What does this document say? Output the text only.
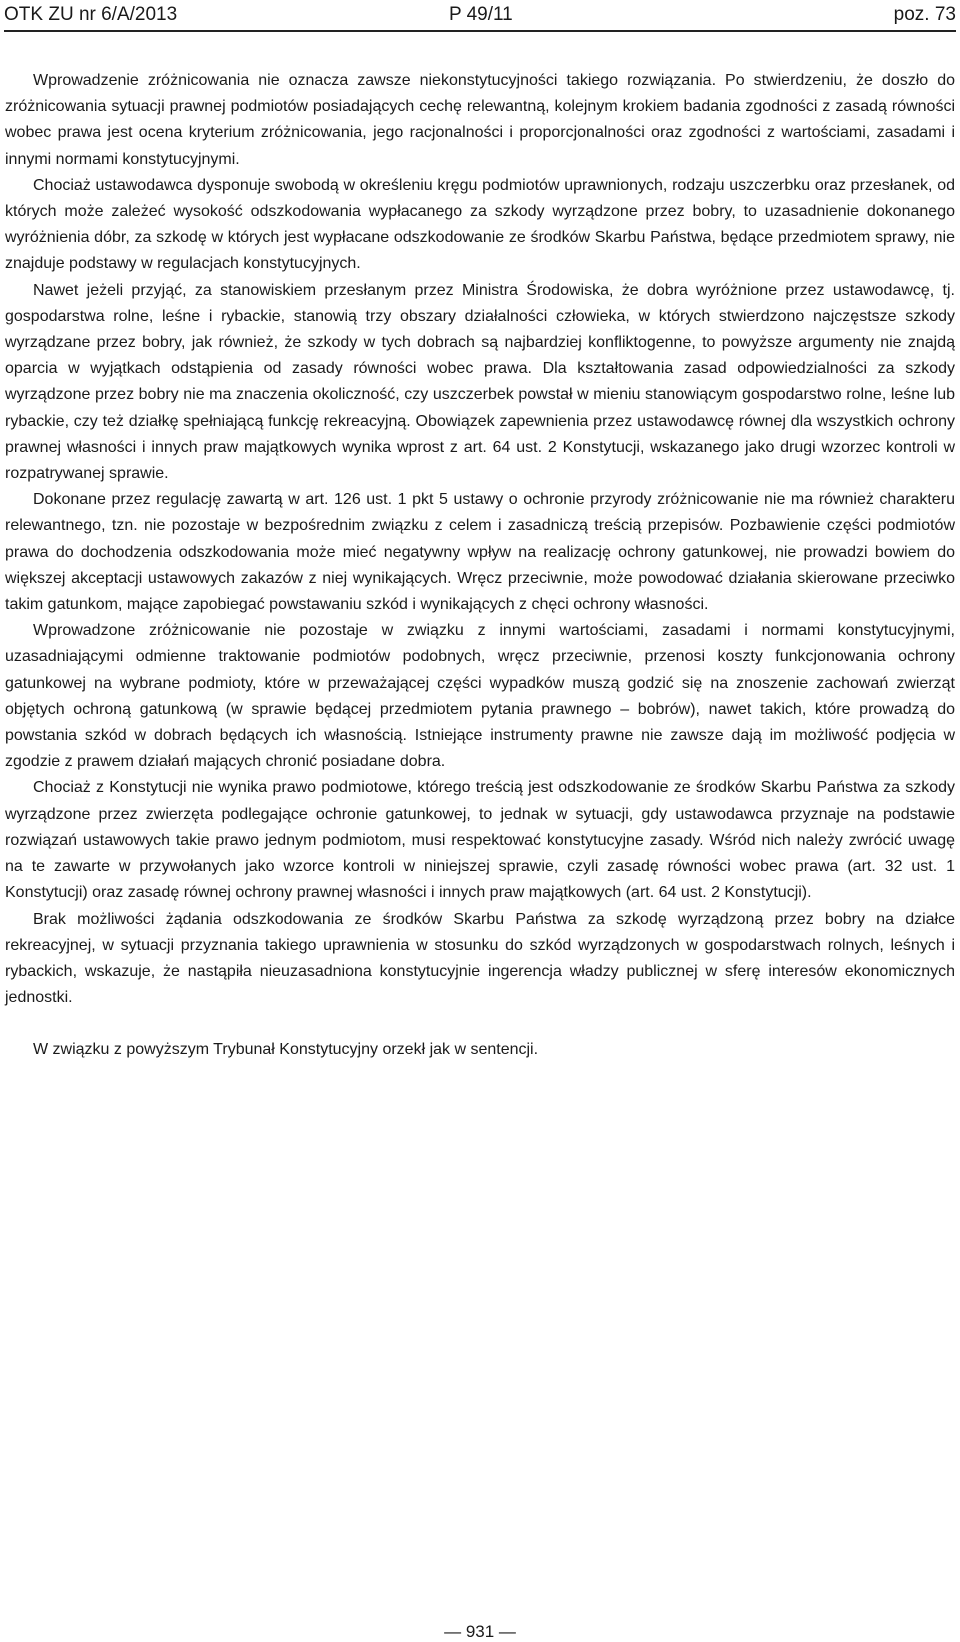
OTK ZU nr 6/A/2013	P 49/11	poz. 73

Wprowadzenie zróżnicowania nie oznacza zawsze niekonstytucyjności takiego rozwiązania. Po stwierdzeniu, że doszło do zróżnicowania sytuacji prawnej podmiotów posiadających cechę relewantną, kolejnym krokiem badania zgodności z zasadą równości wobec prawa jest ocena kryterium zróżnicowania, jego racjonalności i proporcjonalności oraz zgodności z wartościami, zasadami i innymi normami konstytucyjnymi.

Chociaż ustawodawca dysponuje swobodą w określeniu kręgu podmiotów uprawnionych, rodzaju uszczerbku oraz przesłanek, od których może zależeć wysokość odszkodowania wypłacanego za szkody wyrządzone przez bobry, to uzasadnienie dokonanego wyróżnienia dóbr, za szkodę w których jest wypłacane odszkodowanie ze środków Skarbu Państwa, będące przedmiotem sprawy, nie znajduje podstawy w regulacjach konstytucyjnych.

Nawet jeżeli przyjąć, za stanowiskiem przesłanym przez Ministra Środowiska, że dobra wyróżnione przez ustawodawcę, tj. gospodarstwa rolne, leśne i rybackie, stanowią trzy obszary działalności człowieka, w których stwierdzono najczęstsze szkody wyrządzane przez bobry, jak również, że szkody w tych dobrach są najbardziej konfliktogenne, to powyższe argumenty nie znajdą oparcia w wyjątkach odstąpienia od zasady równości wobec prawa. Dla kształtowania zasad odpowiedzialności za szkody wyrządzone przez bobry nie ma znaczenia okoliczność, czy uszczerbek powstał w mieniu stanowiącym gospodarstwo rolne, leśne lub rybackie, czy też działkę spełniającą funkcję rekreacyjną. Obowiązek zapewnienia przez ustawodawcę równej dla wszystkich ochrony prawnej własności i innych praw majątkowych wynika wprost z art. 64 ust. 2 Konstytucji, wskazanego jako drugi wzorzec kontroli w rozpatrywanej sprawie.

Dokonane przez regulację zawartą w art. 126 ust. 1 pkt 5 ustawy o ochronie przyrody zróżnicowanie nie ma również charakteru relewantnego, tzn. nie pozostaje w bezpośrednim związku z celem i zasadniczą treścią przepisów. Pozbawienie części podmiotów prawa do dochodzenia odszkodowania może mieć negatywny wpływ na realizację ochrony gatunkowej, nie prowadzi bowiem do większej akceptacji ustawowych zakazów z niej wynikających. Wręcz przeciwnie, może powodować działania skierowane przeciwko takim gatunkom, mające zapobiegać powstawaniu szkód i wynikających z chęci ochrony własności.

Wprowadzone zróżnicowanie nie pozostaje w związku z innymi wartościami, zasadami i normami konstytucyjnymi, uzasadniającymi odmienne traktowanie podmiotów podobnych, wręcz przeciwnie, przenosi koszty funkcjonowania ochrony gatunkowej na wybrane podmioty, które w przeważającej części wypadków muszą godzić się na znoszenie zachowań zwierząt objętych ochroną gatunkową (w sprawie będącej przedmiotem pytania prawnego – bobrów), nawet takich, które prowadzą do powstania szkód w dobrach będących ich własnością. Istniejące instrumenty prawne nie zawsze dają im możliwość podjęcia w zgodzie z prawem działań mających chronić posiadane dobra.

Chociaż z Konstytucji nie wynika prawo podmiotowe, którego treścią jest odszkodowanie ze środków Skarbu Państwa za szkody wyrządzone przez zwierzęta podlegające ochronie gatunkowej, to jednak w sytuacji, gdy ustawodawca przyznaje na podstawie rozwiązań ustawowych takie prawo jednym podmiotom, musi respektować konstytucyjne zasady. Wśród nich należy zwrócić uwagę na te zawarte w przywołanych jako wzorce kontroli w niniejszej sprawie, czyli zasadę równości wobec prawa (art. 32 ust. 1 Konstytucji) oraz zasadę równej ochrony prawnej własności i innych praw majątkowych (art. 64 ust. 2 Konstytucji).

Brak możliwości żądania odszkodowania ze środków Skarbu Państwa za szkodę wyrządzoną przez bobry na działce rekreacyjnej, w sytuacji przyznania takiego uprawnienia w stosunku do szkód wyrządzonych w gospodarstwach rolnych, leśnych i rybackich, wskazuje, że nastąpiła nieuzasadniona konstytucyjnie ingerencja władzy publicznej w sferę interesów ekonomicznych jednostki.

W związku z powyższym Trybunał Konstytucyjny orzekł jak w sentencji.

— 931 —
